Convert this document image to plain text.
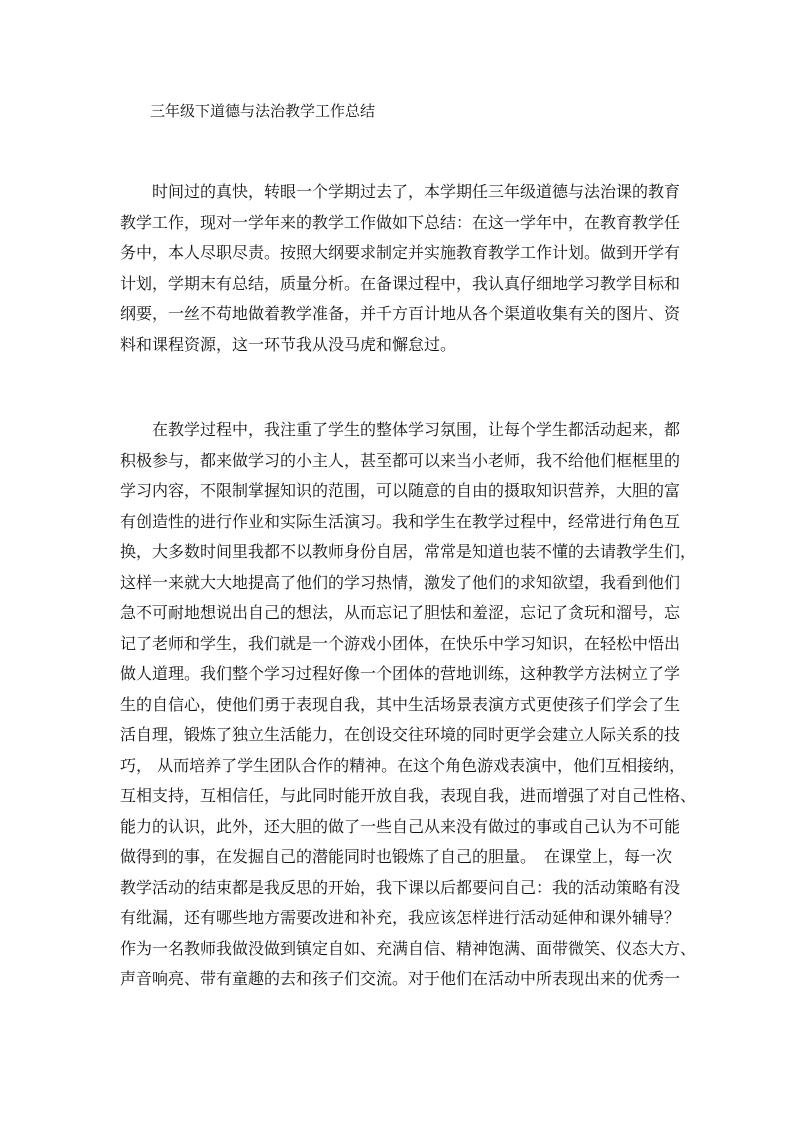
三年级下道德与法治教学工作总结
时间过的真快，转眼一个学期过去了，本学期任三年级道德与法治课的教育
教学工作，现对一学年来的教学工作做如下总结：在这一学年中，在教育教学任
务中，本人尽职尽责。按照大纲要求制定并实施教育教学工作计划。做到开学有
计划，学期末有总结，质量分析。在备课过程中，我认真仔细地学习教学目标和
纲要，一丝不苟地做着教学准备，并千方百计地从各个渠道收集有关的图片、资
料和课程资源，这一环节我从没马虎和懈怠过。
在教学过程中，我注重了学生的整体学习氛围，让每个学生都活动起来，都
积极参与，都来做学习的小主人，甚至都可以来当小老师，我不给他们框框里的
学习内容，不限制掌握知识的范围，可以随意的自由的摄取知识营养，大胆的富
有创造性的进行作业和实际生活演习。我和学生在教学过程中，经常进行角色互
换，大多数时间里我都不以教师身份自居，常常是知道也装不懂的去请教学生们，
这样一来就大大地提高了他们的学习热情，激发了他们的求知欲望，我看到他们
急不可耐地想说出自己的想法，从而忘记了胆怯和羞涩，忘记了贪玩和溜号，忘
记了老师和学生，我们就是一个游戏小团体，在快乐中学习知识，在轻松中悟出
做人道理。我们整个学习过程好像一个团体的营地训练，这种教学方法树立了学
生的自信心，使他们勇于表现自我，其中生活场景表演方式更使孩子们学会了生
活自理，锻炼了独立生活能力，在创设交往环境的同时更学会建立人际关系的技
巧， 从而培养了学生团队合作的精神。在这个角色游戏表演中，他们互相接纳，
互相支持，互相信任，与此同时能开放自我，表现自我，进而增强了对自己性格、
能力的认识，此外，还大胆的做了一些自己从来没有做过的事或自己认为不可能
做得到的事，在发掘自己的潜能同时也锻炼了自己的胆量。　在课堂上，每一次
教学活动的结束都是我反思的开始，我下课以后都要问自己：我的活动策略有没
有纰漏，还有哪些地方需要改进和补充，我应该怎样进行活动延伸和课外辅导？
作为一名教师我做没做到镇定自如、充满自信、精神饱满、面带微笑、仪态大方、
声音响亮、带有童趣的去和孩子们交流。对于他们在活动中所表现出来的优秀一
